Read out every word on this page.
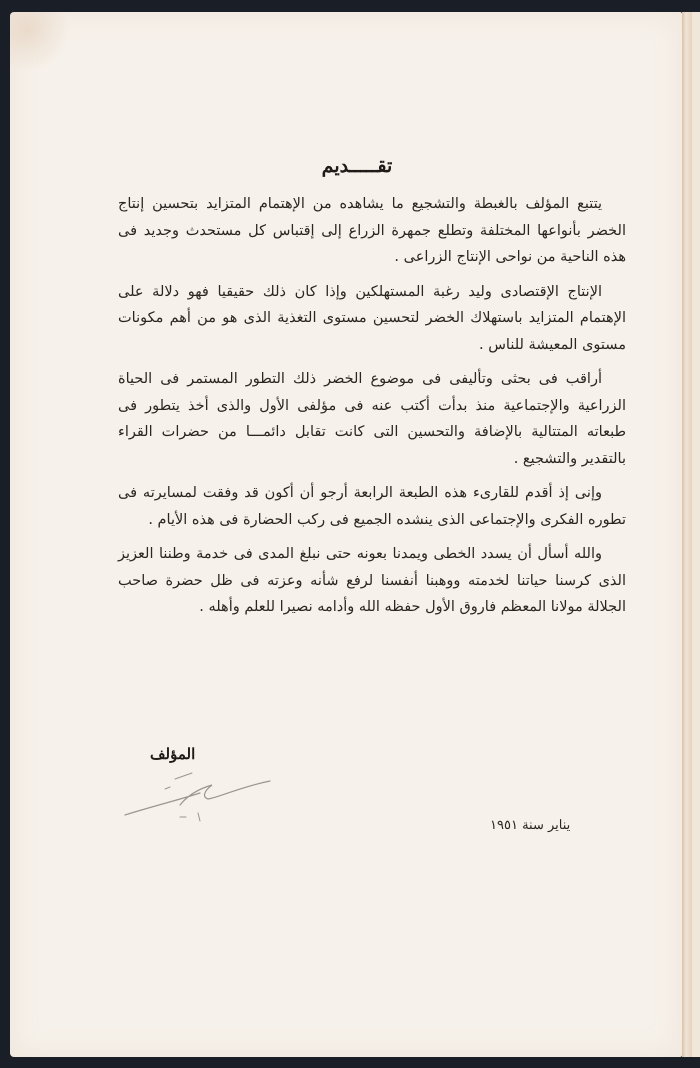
تقـــــديم

يتتبع المؤلف بالغبطة والتشجيع ما يشاهده من الإهتمام المتزايد بتحسين إنتاج الخضر بأنواعها المختلفة وتطلع جمهرة الزراع إلى إقتباس كل مستحدث وجديد فى هذه الناحية من نواحى الإنتاج الزراعى .

الإنتاج الإقتصادى وليد رغبة المستهلكين وإذا كان ذلك حقيقيا فهو دلالة على الإهتمام المتزايد باستهلاك الخضر لتحسين مستوى التغذية الذى هو من أهم مكونات مستوى المعيشة للناس .

أراقب فى بحثى وتأليفى فى موضوع الخضر ذلك التطور المستمر فى الحياة الزراعية والإجتماعية منذ بدأت أكتب عنه فى مؤلفى الأول والذى أخذ يتطور فى طبعاته المتتالية بالإضافة والتحسين التى كانت تقابل دائمـــا من حضرات القراء بالتقدير والتشجيع .

وإنى إذ أقدم للقارىء هذه الطبعة الرابعة أرجو أن أكون قد وفقت لمسايرته فى تطوره الفكرى والإجتماعى الذى ينشده الجميع فى ركب الحضارة فى هذه الأيام .

والله أسأل أن يسدد الخطى ويمدنا بعونه حتى نبلغ المدى فى خدمة وطننا العزيز الذى كرسنا حياتنا لخدمته ووهبنا أنفسنا لرفع شأنه وعزته فى ظل حضرة صاحب الجلالة مولانا المعظم فاروق الأول حفظه الله وأدامه نصيرا للعلم وأهله .

المؤلف
يناير سنة ١٩٥١
